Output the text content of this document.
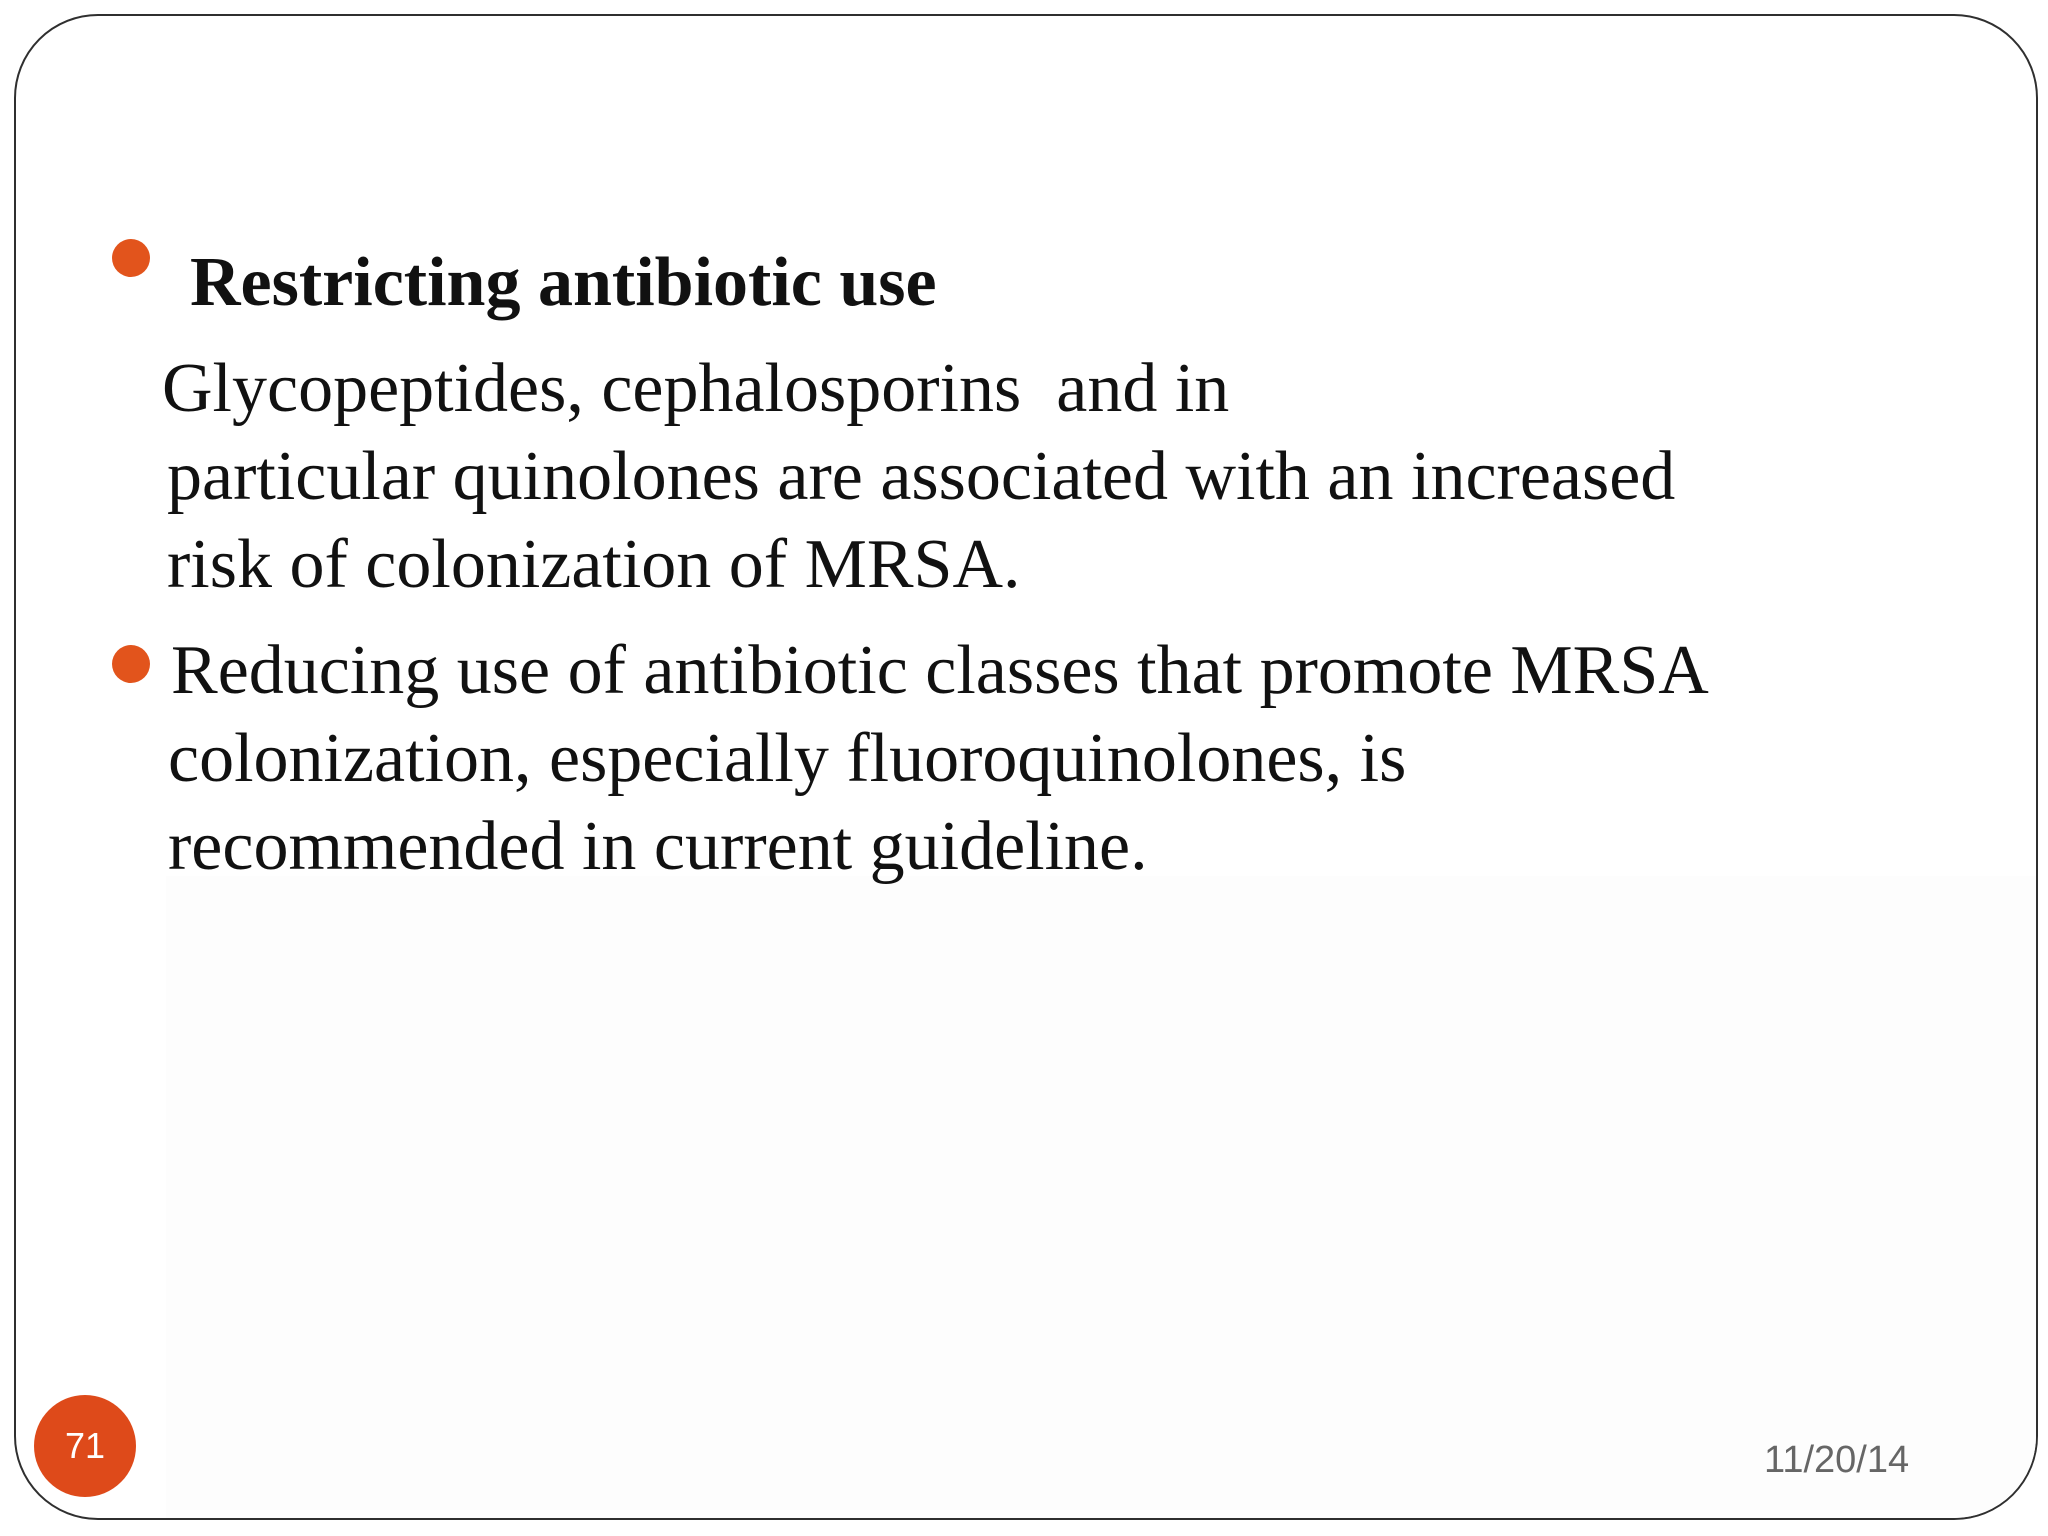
Restricting antibiotic use
Glycopeptides, cephalosporins  and in
particular quinolones are associated with an increased
risk of colonization of MRSA.
Reducing use of antibiotic classes that promote MRSA
colonization, especially fluoroquinolones, is
recommended in current guideline.
71	11/20/14
